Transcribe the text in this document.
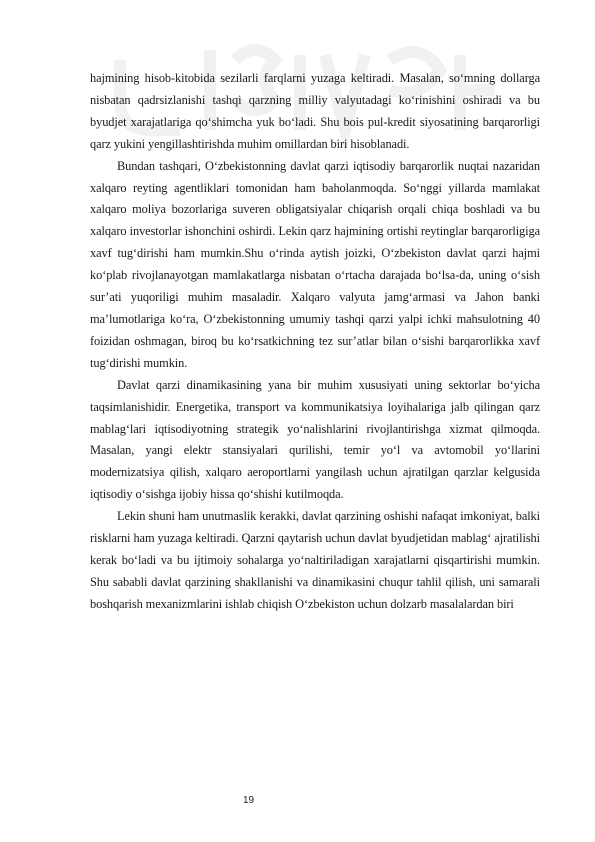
hajmining hisob-kitobida sezilarli farqlarni yuzaga keltiradi. Masalan, so‘mning dollarga nisbatan qadrsizlanishi tashqi qarzning milliy valyutadagi ko‘rinishini oshiradi va bu byudjet xarajatlariga qo‘shimcha yuk bo‘ladi. Shu bois pul-kredit siyosatining barqarorligi qarz yukini yengillashtirishda muhim omillardan biri hisoblanadi.

Bundan tashqari, O‘zbekistonning davlat qarzi iqtisodiy barqarorlik nuqtai nazaridan xalqaro reyting agentliklari tomonidan ham baholanmoqda. So‘nggi yillarda mamlakat xalqaro moliya bozorlariga suveren obligatsiyalar chiqarish orqali chiqa boshladi va bu xalqaro investorlar ishonchini oshirdi. Lekin qarz hajmining ortishi reytinglar barqarorligiga xavf tug‘dirishi ham mumkin.Shu o‘rinda aytish joizki, O‘zbekiston davlat qarzi hajmi ko‘plab rivojlanayotgan mamlakatlarga nisbatan o‘rtacha darajada bo‘lsa-da, uning o‘sish sur’ati yuqoriligi muhim masaladir. Xalqaro valyuta jamg‘armasi va Jahon banki ma’lumotlariga ko‘ra, O‘zbekistonning umumiy tashqi qarzi yalpi ichki mahsulotning 40 foizidan oshmagan, biroq bu ko‘rsatkichning tez sur’atlar bilan o‘sishi barqarorlikka xavf tug‘dirishi mumkin.

Davlat qarzi dinamikasining yana bir muhim xususiyati uning sektorlar bo‘yicha taqsimlanishidir. Energetika, transport va kommunikatsiya loyihalariga jalb qilingan qarz mablag‘lari iqtisodiyotning strategik yo‘nalishlarini rivojlantirishga xizmat qilmoqda. Masalan, yangi elektr stansiyalari qurilishi, temir yo‘l va avtomobil yo‘llarini modernizatsiya qilish, xalqaro aeroportlarni yangilash uchun ajratilgan qarzlar kelgusida iqtisodiy o‘sishga ijobiy hissa qo‘shishi kutilmoqda.

Lekin shuni ham unutmaslik kerakki, davlat qarzining oshishi nafaqat imkoniyat, balki risklarni ham yuzaga keltiradi. Qarzni qaytarish uchun davlat byudjetidan mablag‘ ajratilishi kerak bo‘ladi va bu ijtimoiy sohalarga yo‘naltiriladigan xarajatlarni qisqartirishi mumkin. Shu sababli davlat qarzining shakllanishi va dinamikasini chuqur tahlil qilish, uni samarali boshqarish mexanizmlarini ishlab chiqish O‘zbekiston uchun dolzarb masalalardan biri

19
